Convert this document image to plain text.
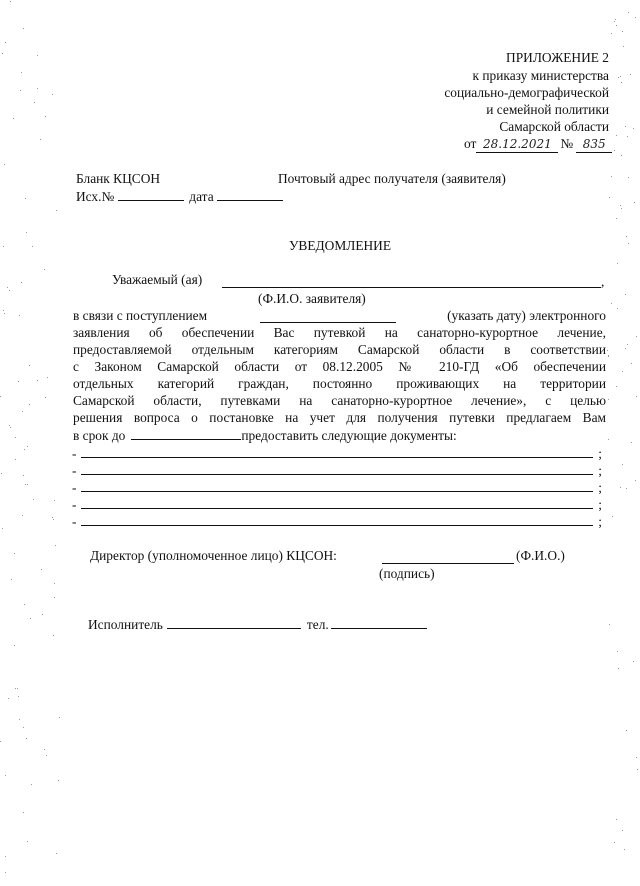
ПРИЛОЖЕНИЕ 2
к приказу министерства
социально-демографической
и семейной политики
Самарской области
от 28.12.2021 № 835
Бланк КЦСОН	Почтовый адрес получателя (заявителя)
Исх.№	дата
УВЕДОМЛЕНИЕ
Уважаемый (ая)	,
(Ф.И.О. заявителя)
в связи с поступлением	(указать дату) электронного
заявления об обеспечении Вас путевкой на санаторно-курортное лечение,
предоставляемой отдельным категориям Самарской области в соответствии
с Законом Самарской области от 08.12.2005 № 210-ГД «Об обеспечении
отдельных категорий граждан, постоянно проживающих на территории
Самарской области, путевками на санаторно-курортное лечение», с целью
решения вопроса о постановке на учет для получения путевки предлагаем Вам
в срок до	предоставить следующие документы:
-	;
-	;
-	;
-	;
-	;
Директор (уполномоченное лицо) КЦСОН:	(Ф.И.О.)
(подпись)
Исполнитель	тел.
